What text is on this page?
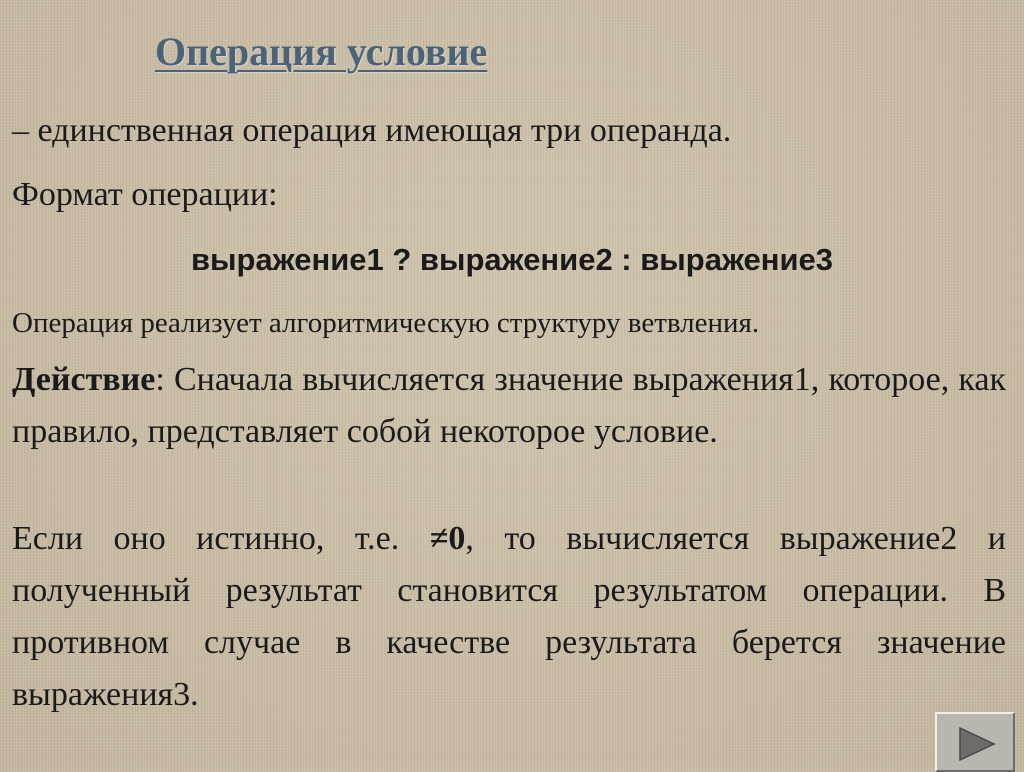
Операция условие
– единственная операция имеющая три операнда.
Формат операции:
выражение1 ? выражение2 : выражение3
Операция реализует алгоритмическую структуру ветвления.
Действие: Сначала вычисляется значение выражения1, которое, как правило, представляет собой некоторое условие.
Если оно истинно, т.е. ≠0, то вычисляется выражение2 и полученный результат становится результатом операции. В противном случае в качестве результата берется значение выражения3.
